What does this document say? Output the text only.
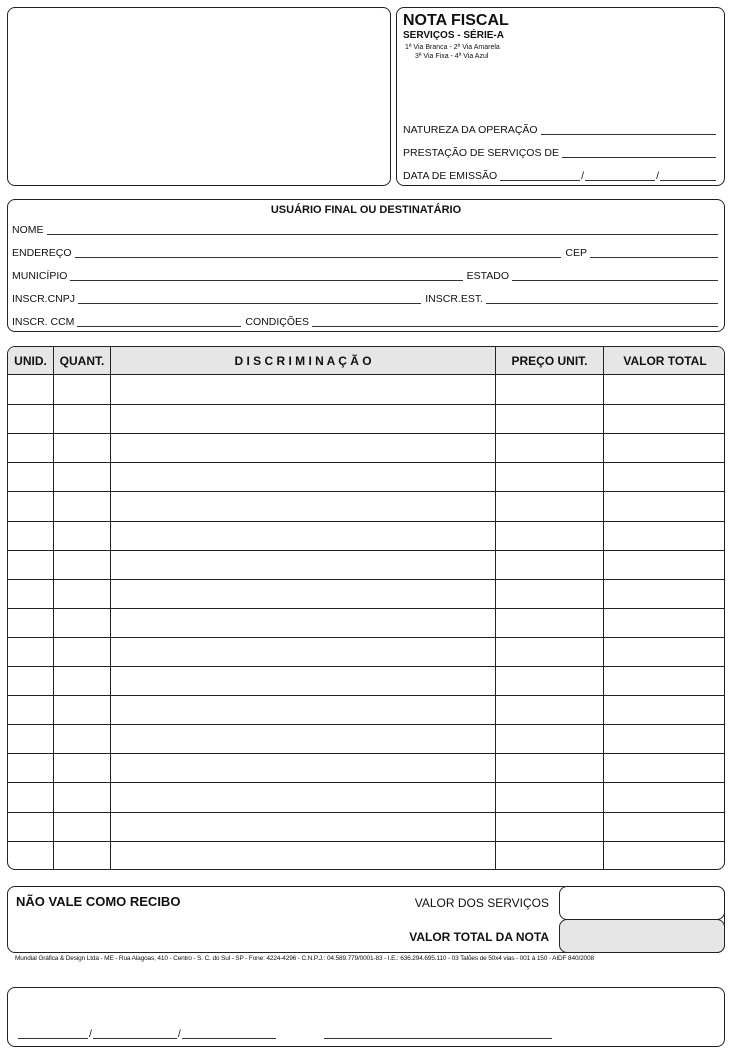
NOTA FISCAL
SERVIÇOS - SÉRIE-A
1ª Via Branca - 2ª Via Amarela
3ª Via Fixa - 4ª Via Azul
NATUREZA DA OPERAÇÃO
PRESTAÇÃO DE SERVIÇOS DE
DATA DE EMISSÃO	/	/
USUÁRIO FINAL OU DESTINATÁRIO
NOME
ENDEREÇO	CEP
MUNICÍPIO	ESTADO
INSCR.CNPJ	INSCR.EST.
INSCR. CCM	CONDIÇÕES
UNID.	QUANT.	D I S C R I M I N A Ç Ã O	PREÇO UNIT.	VALOR TOTAL
NÃO VALE COMO RECIBO	VALOR DOS SERVIÇOS
VALOR TOTAL DA NOTA
Mundial Gráfica & Design Ltda - ME - Rua Alagoas, 410 - Centro - S. C. do Sul - SP - Fone: 4224-4296 - C.N.P.J.: 04.589.779/0001-83 - I.E.: 636.294.695.110 - 03 Talões de 50x4 vias - 001 à 150 - AIDF 840/2008
/	/
